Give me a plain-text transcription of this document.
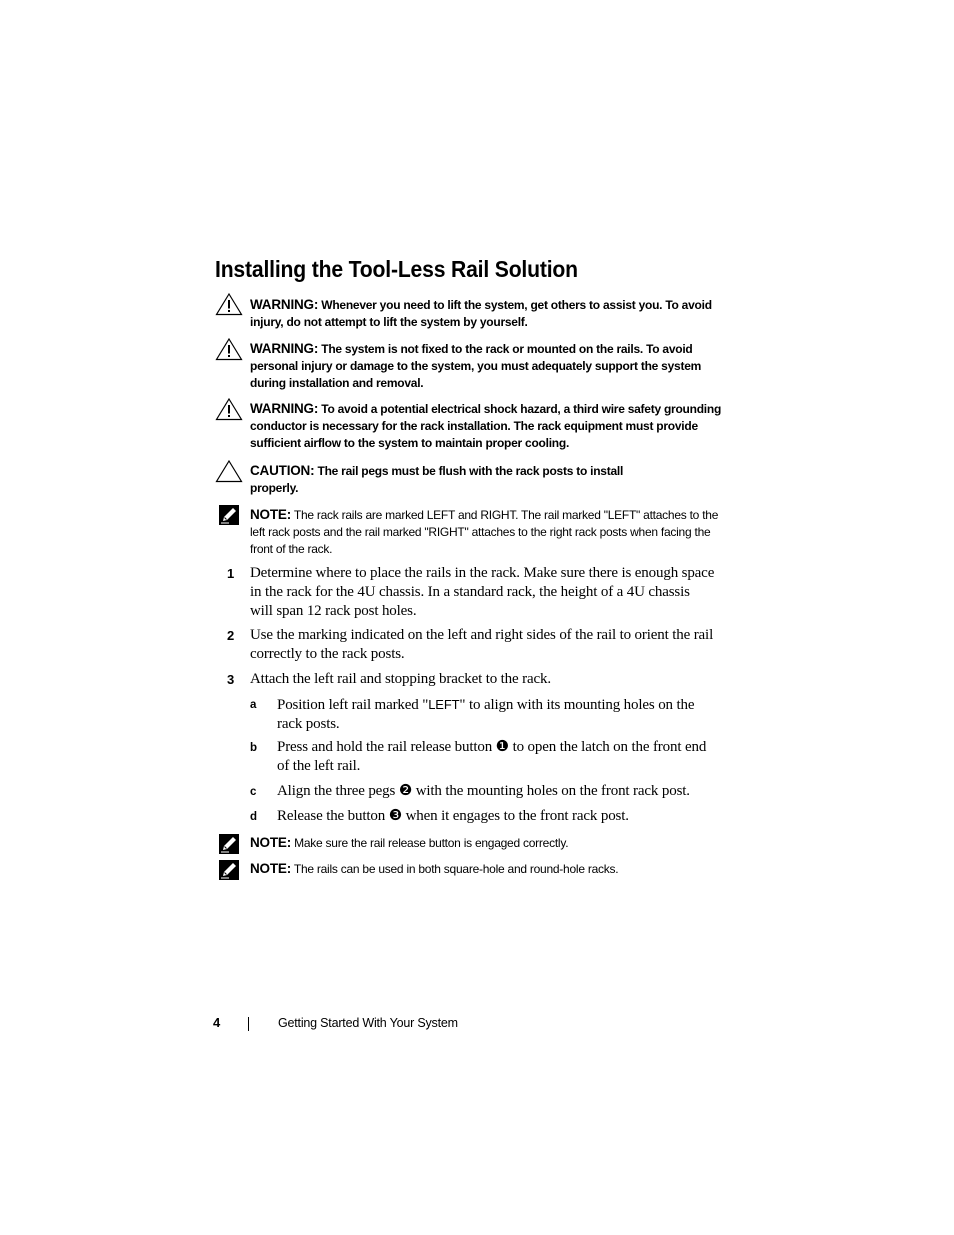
Installing the Tool-Less Rail Solution
WARNING: Whenever you need to lift the system, get others to assist you. To avoid injury, do not attempt to lift the system by yourself.
WARNING: The system is not fixed to the rack or mounted on the rails. To avoid personal injury or damage to the system, you must adequately support the system during installation and removal.
WARNING: To avoid a potential electrical shock hazard, a third wire safety grounding conductor is necessary for the rack installation. The rack equipment must provide sufficient airflow to the system to maintain proper cooling.
CAUTION: The rail pegs must be flush with the rack posts to install properly.
NOTE: The rack rails are marked LEFT and RIGHT. The rail marked "LEFT" attaches to the left rack posts and the rail marked "RIGHT" attaches to the right rack posts when facing the front of the rack.
1 Determine where to place the rails in the rack. Make sure there is enough space in the rack for the 4U chassis. In a standard rack, the height of a 4U chassis will span 12 rack post holes.
2 Use the marking indicated on the left and right sides of the rail to orient the rail correctly to the rack posts.
3 Attach the left rail and stopping bracket to the rack.
a Position left rail marked "LEFT" to align with its mounting holes on the rack posts.
b Press and hold the rail release button ❶ to open the latch on the front end of the left rail.
c Align the three pegs ❷ with the mounting holes on the front rack post.
d Release the button ❸ when it engages to the front rack post.
NOTE: Make sure the rail release button is engaged correctly.
NOTE: The rails can be used in both square-hole and round-hole racks.
4	Getting Started With Your System
